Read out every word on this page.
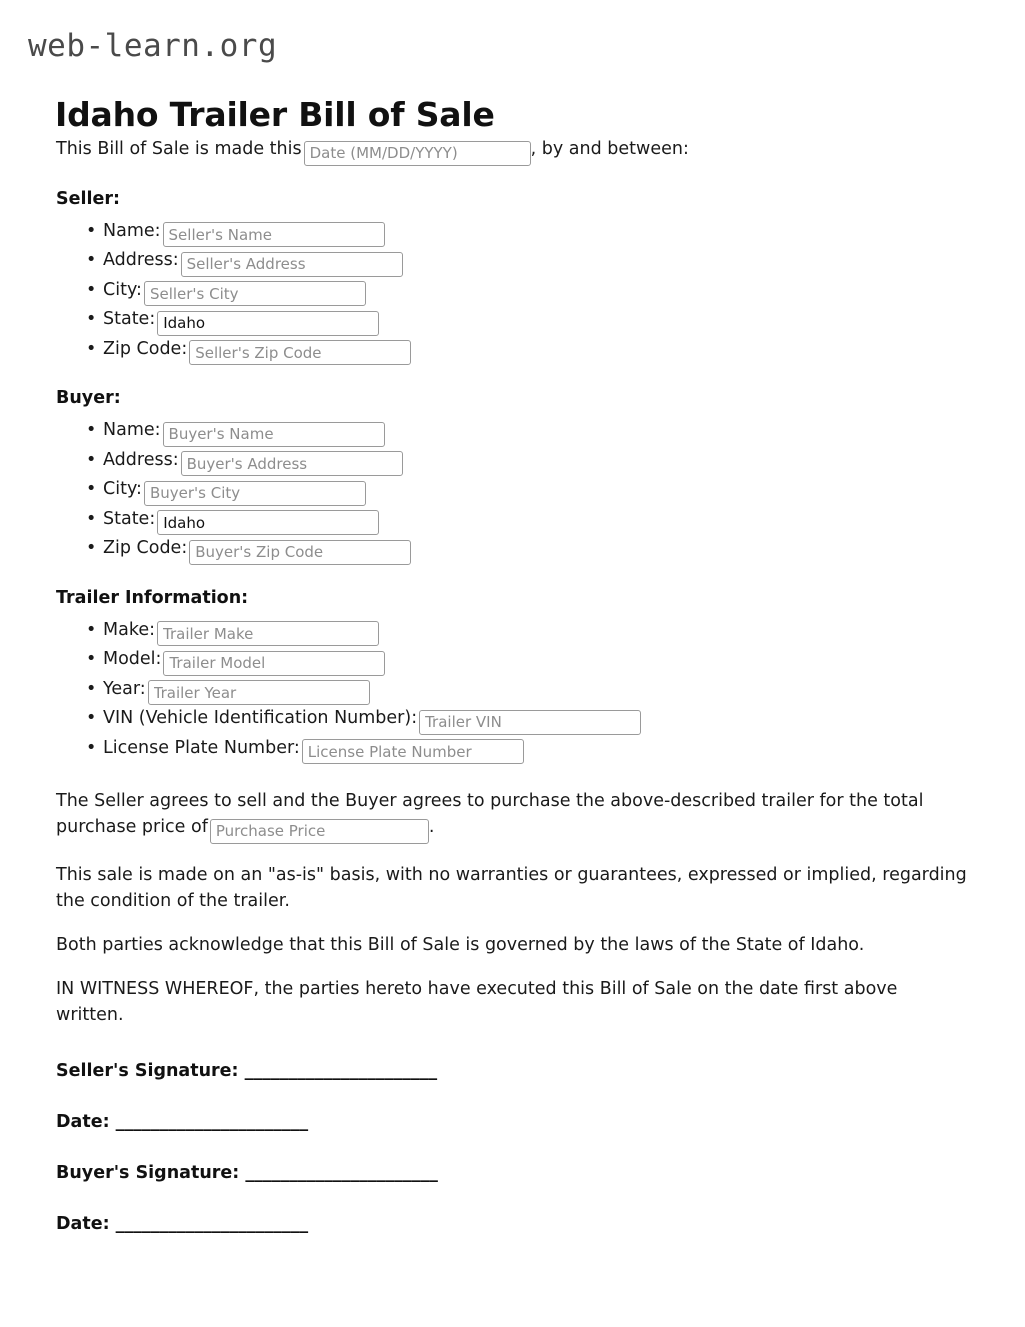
web-learn.org
Idaho Trailer Bill of Sale

This Bill of Sale is made thisDate (MM/DD/YYYY)	, by and between:

Seller:
• Name:Seller's Name
• Address:Seller's Address
• City:Seller's City
• State:Idaho
• Zip Code:Seller's Zip Code
Buyer:
• Name:Buyer's Name
• Address:Buyer's Address
• City:Buyer's City
• State:Idaho
• Zip Code:Buyer's Zip Code
Trailer Information:
• Make:Trailer Make
• Model:Trailer Model
• Year:Trailer Year
• VIN (Vehicle Identification Number):Trailer VIN
• License Plate Number:License Plate Number

The Seller agrees to sell and the Buyer agrees to purchase the above-described trailer for the total purchase price ofPurchase Price	.

This sale is made on an "as-is" basis, with no warranties or guarantees, expressed or implied, regarding the condition of the trailer.

Both parties acknowledge that this Bill of Sale is governed by the laws of the State of Idaho.

IN WITNESS WHEREOF, the parties hereto have executed this Bill of Sale on the date first above written.

Seller's Signature: ______________________
Date: ______________________
Buyer's Signature: ______________________
Date: ______________________
